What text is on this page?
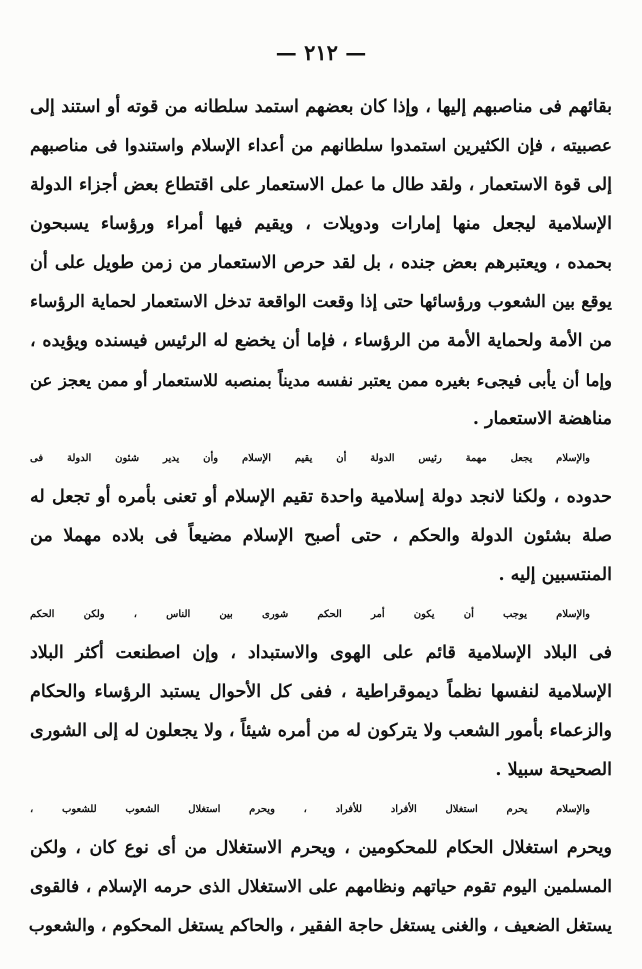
— ٢١٢ —

بقائهم فى مناصبهم إليها ، وإذا كان بعضهم استمد سلطانه من قوته أو استند إلى
عصبيته ، فإن الكثيرين استمدوا سلطانهم من أعداء الإسلام واستندوا فى مناصبهم
إلى قوة الاستعمار ، ولقد طال ما عمل الاستعمار على اقتطاع بعض أجزاء الدولة
الإسلامية ليجعل منها إمارات ودويلات ، ويقيم فيها أمراء ورؤساء يسبحون
بحمده ، ويعتبرهم بعض جنده ، بل لقد حرص الاستعمار من زمن طويل على أن
يوقع بين الشعوب ورؤسائها حتى إذا وقعت الواقعة تدخل الاستعمار لحماية الرؤساء
من الأمة ولحماية الأمة من الرؤساء ، فإما أن يخضع له الرئيس فيسنده ويؤيده ،
وإما أن يأبى فيجىء بغيره ممن يعتبر نفسه مديناً بمنصبه للاستعمار أو ممن يعجز عن
مناهضة الاستعمار .

والإسلام يجعل مهمة رئيس الدولة أن يقيم الإسلام وأن يدير شئون الدولة فى
حدوده ، ولكنا لانجد دولة إسلامية واحدة تقيم الإسلام أو تعنى بأمره أو تجعل له
صلة بشئون الدولة والحكم ، حتى أصبح الإسلام مضيعاً فى بلاده مهملا من
المنتسبين إليه .

والإسلام يوجب أن يكون أمر الحكم شورى بين الناس ، ولكن الحكم
فى البلاد الإسلامية قائم على الهوى والاستبداد ، وإن اصطنعت أكثر البلاد
الإسلامية لنفسها نظماً ديموقراطية ، ففى كل الأحوال يستبد الرؤساء والحكام
والزعماء بأمور الشعب ولا يتركون له من أمره شيئاً ، ولا يجعلون له إلى الشورى
الصحيحة سبيلا .

والإسلام يحرم استغلال الأفراد للأفراد ، ويحرم استغلال الشعوب للشعوب ،
ويحرم استغلال الحكام للمحكومين ، ويحرم الاستغلال من أى نوع كان ، ولكن
المسلمين اليوم تقوم حياتهم ونظامهم على الاستغلال الذى حرمه الإسلام ، فالقوى
يستغل الضعيف ، والغنى يستغل حاجة الفقير ، والحاكم يستغل المحكوم ، والشعوب
